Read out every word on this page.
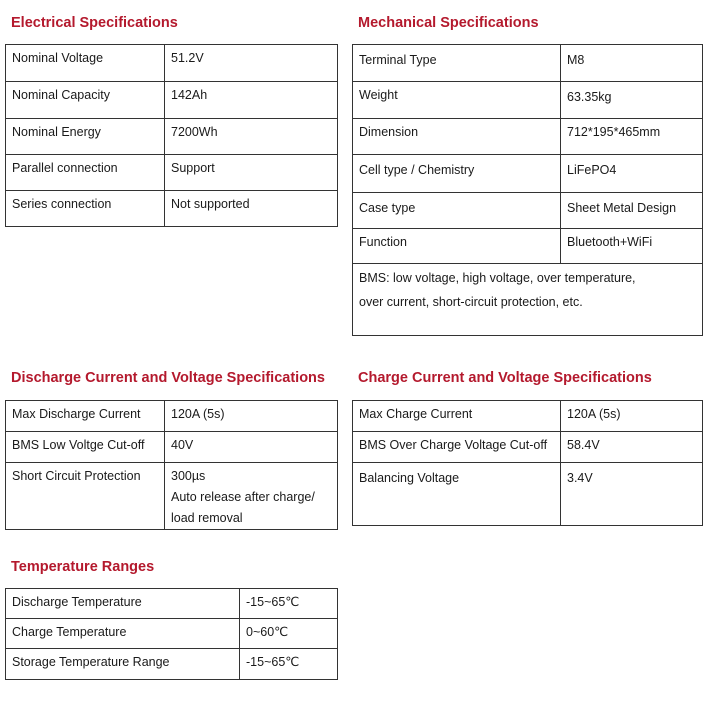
Electrical Specifications
Nominal Voltage	51.2V
Nominal Capacity	142Ah
Nominal Energy	7200Wh
Parallel connection	Support
Series connection	Not supported
Mechanical Specifications
Terminal Type	M8
Weight	63.35kg
Dimension	712*195*465mm
Cell type / Chemistry	LiFePO4
Case type	Sheet Metal Design
Function	Bluetooth+WiFi

BMS: low voltage, high voltage, over temperature,
over current, short-circuit protection, etc.	
Discharge Current and Voltage Specifications
Max Discharge Current	120A (5s)
BMS Low Voltge Cut-off	40V
Short Circuit Protection	300µs
Auto release after charge/
load removal
Charge Current and Voltage Specifications
Max Charge Current	120A (5s)
BMS Over Charge Voltage Cut-off	58.4V
Balancing Voltage	3.4V
Temperature Ranges
Discharge Temperature	-15~65℃
Charge Temperature	0~60℃
Storage Temperature Range	-15~65℃
